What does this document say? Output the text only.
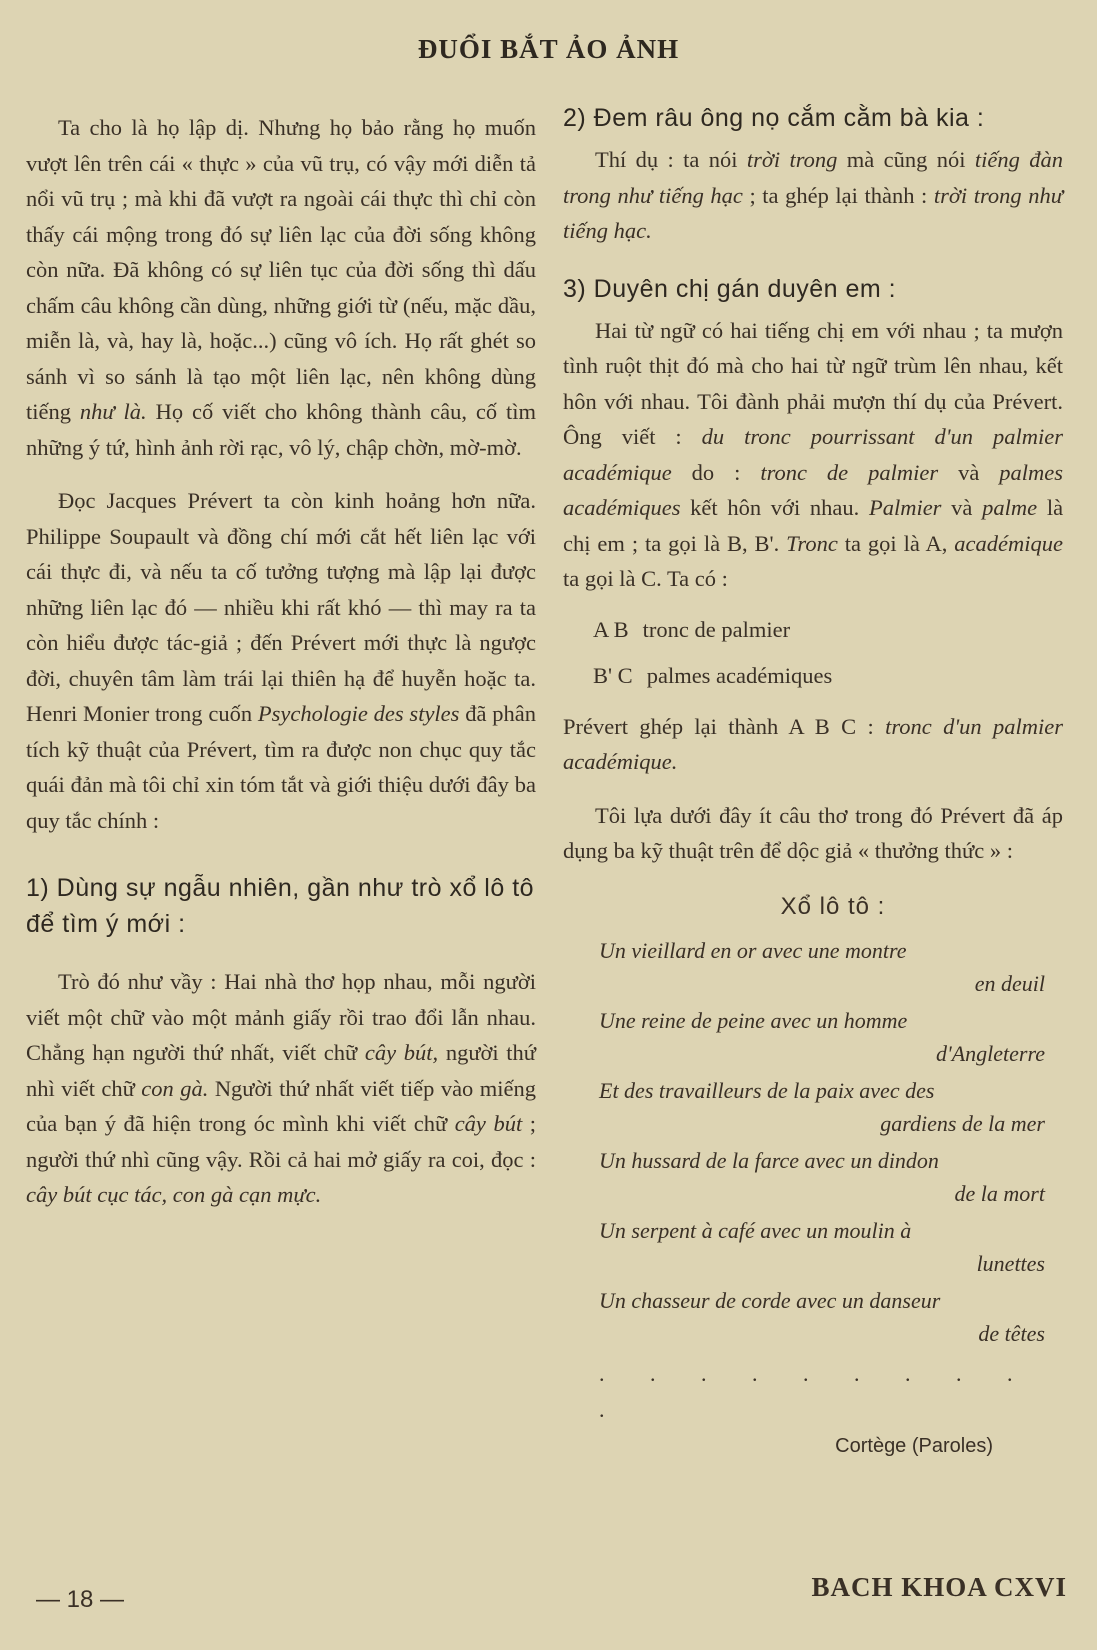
ĐUỔI BẮT ẢO ẢNH

Ta cho là họ lập dị. Nhưng họ bảo rằng họ muốn vượt lên trên cái « thực » của vũ trụ, có vậy mới diễn tả nổi vũ trụ ; mà khi đã vượt ra ngoài cái thực thì chỉ còn thấy cái mộng trong đó sự liên lạc của đời sống không còn nữa. Đã không có sự liên tục của đời sống thì dấu chấm câu không cần dùng, những giới từ (nếu, mặc dầu, miễn là, và, hay là, hoặc...) cũng vô ích. Họ rất ghét so sánh vì so sánh là tạo một liên lạc, nên không dùng tiếng như là. Họ cố viết cho không thành câu, cố tìm những ý tứ, hình ảnh rời rạc, vô lý, chập chờn, mờ-mờ.

Đọc Jacques Prévert ta còn kinh hoảng hơn nữa. Philippe Soupault và đồng chí mới cắt hết liên lạc với cái thực đi, và nếu ta cố tưởng tượng mà lập lại được những liên lạc đó — nhiều khi rất khó — thì may ra ta còn hiểu được tác-giả ; đến Prévert mới thực là ngược đời, chuyên tâm làm trái lại thiên hạ để huyễn hoặc ta. Henri Monier trong cuốn Psychologie des styles đã phân tích kỹ thuật của Prévert, tìm ra được non chục quy tắc quái đản mà tôi chỉ xin tóm tắt và giới thiệu dưới đây ba quy tắc chính :

1) Dùng sự ngẫu nhiên, gần như trò xổ lô tô để tìm ý mới :

Trò đó như vầy : Hai nhà thơ họp nhau, mỗi người viết một chữ vào một mảnh giấy rồi trao đổi lẫn nhau. Chẳng hạn người thứ nhất, viết chữ cây bút, người thứ nhì viết chữ con gà. Người thứ nhất viết tiếp vào miếng của bạn ý đã hiện trong óc mình khi viết chữ cây bút ; người thứ nhì cũng vậy. Rồi cả hai mở giấy ra coi, đọc : cây bút cục tác, con gà cạn mực.

2) Đem râu ông nọ cắm cằm bà kia :

Thí dụ : ta nói trời trong mà cũng nói tiếng đàn trong như tiếng hạc ; ta ghép lại thành : trời trong như tiếng hạc.

3) Duyên chị gán duyên em :

Hai từ ngữ có hai tiếng chị em với nhau ; ta mượn tình ruột thịt đó mà cho hai từ ngữ trùm lên nhau, kết hôn với nhau. Tôi đành phải mượn thí dụ của Prévert. Ông viết : du tronc pourrissant d'un palmier académique do : tronc de palmier và palmes académiques kết hôn với nhau. Palmier và palme là chị em ; ta gọi là B, B'. Tronc ta gọi là A, académique ta gọi là C. Ta có :

A B tronc de palmier
B' C palmes académiques

Prévert ghép lại thành A B C : tronc d'un palmier académique.

Tôi lựa dưới đây ít câu thơ trong đó Prévert đã áp dụng ba kỹ thuật trên để dộc giả « thưởng thức » :

Xổ lô tô :
Un vieillard en or avec une montre
en deuil
Une reine de peine avec un homme
d'Angleterre
Et des travailleurs de la paix avec des
gardiens de la mer
Un hussard de la farce avec un dindon
de la mort
Un serpent à café avec un moulin à
lunettes
Un chasseur de corde avec un danseur
de têtes
. . . . . . . . . .
Cortège (Paroles)
— 18 —	BACH KHOA CXVI
